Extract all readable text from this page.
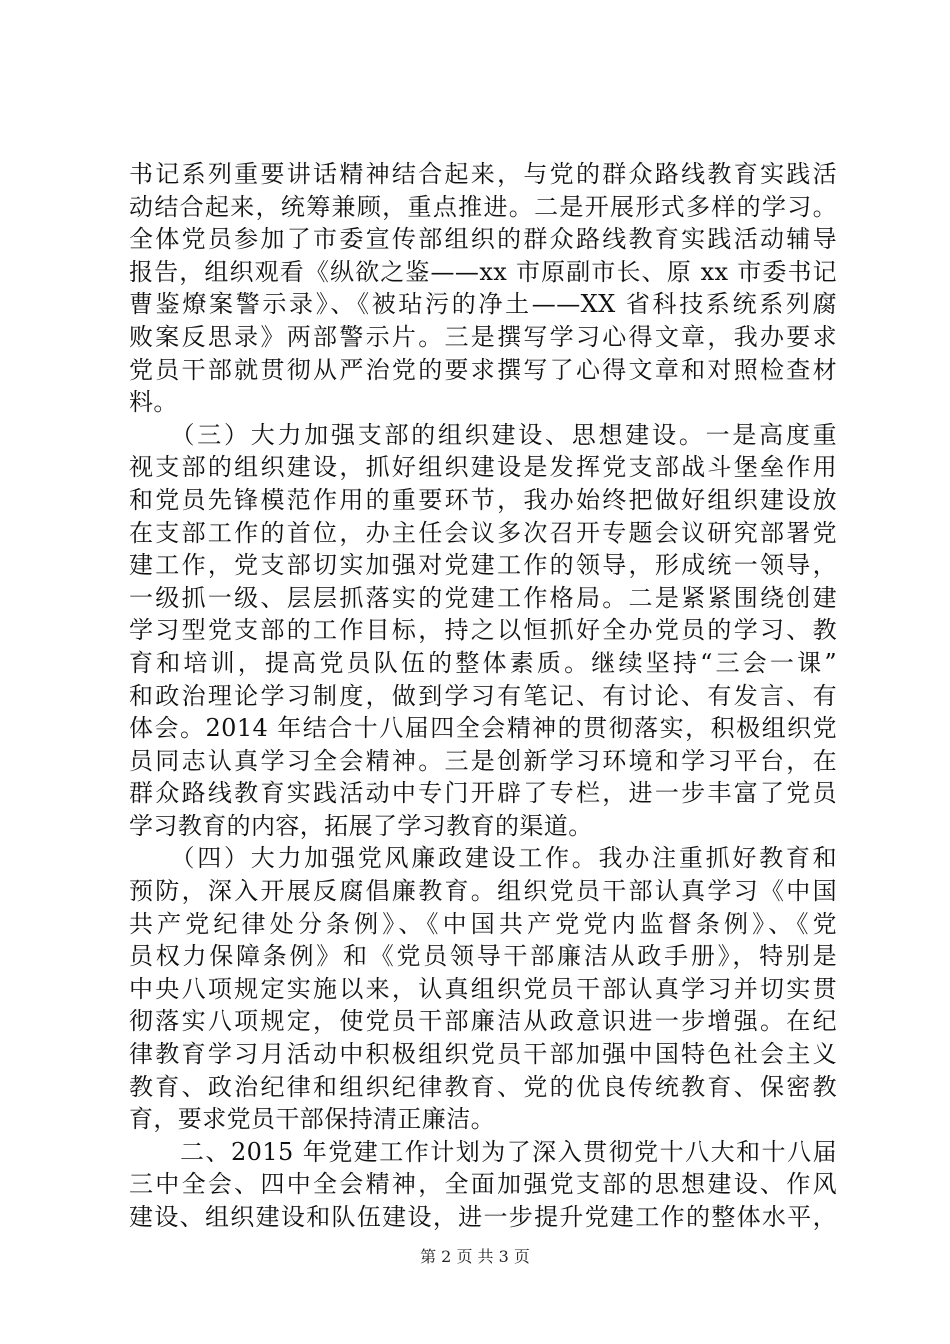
书记系列重要讲话精神结合起来，与党的群众路线教育实践活
动结合起来，统筹兼顾，重点推进。二是开展形式多样的学习。
全体党员参加了市委宣传部组织的群众路线教育实践活动辅导
报告，组织观看《纵欲之鉴——xx 市原副市长、原 xx 市委书记
曹鉴燎案警示录》、《被玷污的净土——XX 省科技系统系列腐
败案反思录》两部警示片。三是撰写学习心得文章，我办要求
党员干部就贯彻从严治党的要求撰写了心得文章和对照检查材
料。
　　（三）大力加强支部的组织建设、思想建设。一是高度重
视支部的组织建设，抓好组织建设是发挥党支部战斗堡垒作用
和党员先锋模范作用的重要环节，我办始终把做好组织建设放
在支部工作的首位，办主任会议多次召开专题会议研究部署党
建工作，党支部切实加强对党建工作的领导，形成统一领导，
一级抓一级、层层抓落实的党建工作格局。二是紧紧围绕创建
学习型党支部的工作目标，持之以恒抓好全办党员的学习、教
育和培训，提高党员队伍的整体素质。继续坚持“三会一课”
和政治理论学习制度，做到学习有笔记、有讨论、有发言、有
体会。2014 年结合十八届四全会精神的贯彻落实，积极组织党
员同志认真学习全会精神。三是创新学习环境和学习平台，在
群众路线教育实践活动中专门开辟了专栏，进一步丰富了党员
学习教育的内容，拓展了学习教育的渠道。
　　（四）大力加强党风廉政建设工作。我办注重抓好教育和
预防，深入开展反腐倡廉教育。组织党员干部认真学习《中国
共产党纪律处分条例》、《中国共产党党内监督条例》、《党
员权力保障条例》和《党员领导干部廉洁从政手册》，特别是
中央八项规定实施以来，认真组织党员干部认真学习并切实贯
彻落实八项规定，使党员干部廉洁从政意识进一步增强。在纪
律教育学习月活动中积极组织党员干部加强中国特色社会主义
教育、政治纪律和组织纪律教育、党的优良传统教育、保密教
育，要求党员干部保持清正廉洁。
　　二、2015 年党建工作计划为了深入贯彻党十八大和十八届
三中全会、四中全会精神，全面加强党支部的思想建设、作风
建设、组织建设和队伍建设，进一步提升党建工作的整体水平，
第 2 页 共 3 页
